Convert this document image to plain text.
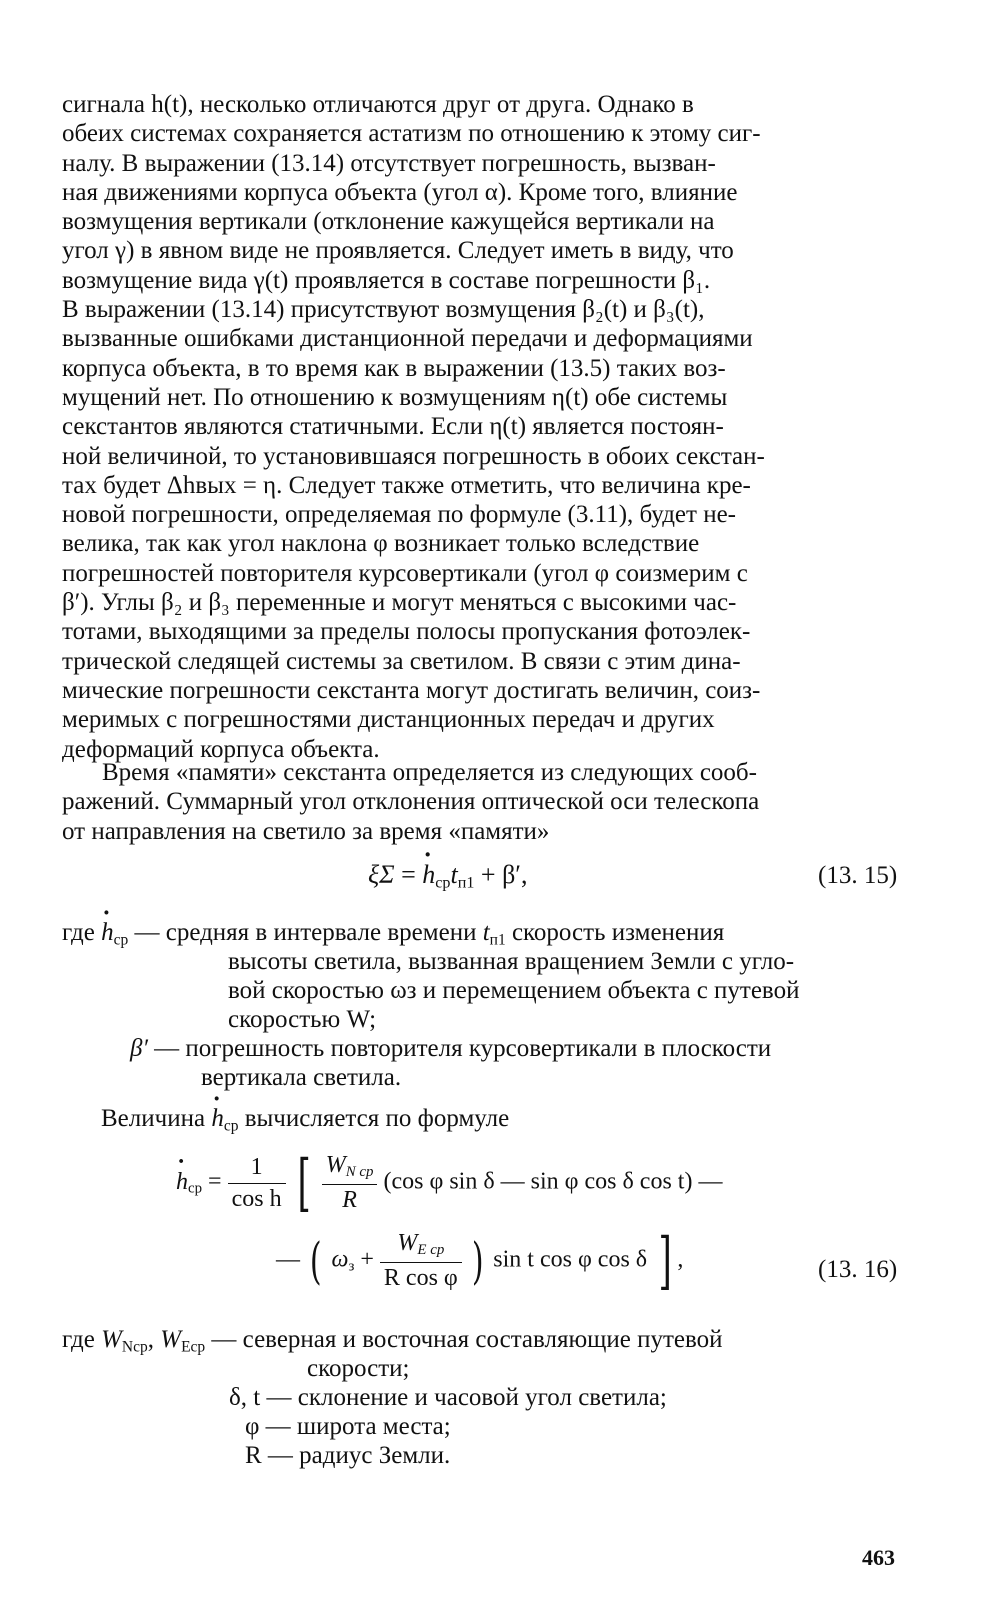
сигнала h(t), несколько отличаются друг от друга. Однако в
обеих системах сохраняется астатизм по отношению к этому сиг-
налу. В выражении (13.14) отсутствует погрешность, вызван-
ная движениями корпуса объекта (угол α). Кроме того, влияние
возмущения вертикали (отклонение кажущейся вертикали на
угол γ) в явном виде не проявляется. Следует иметь в виду, что
возмущение вида γ(t) проявляется в составе погрешности β₁.
В выражении (13.14) присутствуют возмущения β₂(t) и β₃(t),
вызванные ошибками дистанционной передачи и деформациями
корпуса объекта, в то время как в выражении (13.5) таких воз-
мущений нет. По отношению к возмущениям η(t) обе системы
секстантов являются статичными. Если η(t) является постоян-
ной величиной, то установившаяся погрешность в обоих секстан-
тах будет Δhвых = η. Следует также отметить, что величина кре-
новой погрешности, определяемая по формуле (3.11), будет не-
велика, так как угол наклона φ возникает только вследствие
погрешностей повторителя курсовертикали (угол φ соизмерим с
β′). Углы β₂ и β₃ переменные и могут меняться с высокими час-
тотами, выходящими за пределы полосы пропускания фотоэлек-
трической следящей системы за светилом. В связи с этим дина-
мические погрешности секстанта могут достигать величин, соиз-
меримых с погрешностями дистанционных передач и других
деформаций корпуса объекта.

Время «памяти» секстанта определяется из следующих сооб-
ражений. Суммарный угол отклонения оптической оси телескопа
от направления на светило за время «памяти»

ξΣ = · $h_{ср}t_{п1} + \beta'$,	(13. 15)
где · $h_{ср}$ — средняя в интервале времени $t_{п1}$ скорость изменения
высоты светила, вызванная вращением Земли с угло-
вой скоростью ωз и перемещением объекта с путевой
скоростью W;
β′ — погрешность повторителя курсовертикали в плоскости
вертикала светила.
Величина · $h_{ср}$ вычисляется по формуле
· $h_{ср} = \frac{1}{\text{cos h}}$ [ $\frac{W_{N ср}}{R} (\cos$ φ sin δ — sin φ cos δ cos t) —
— ( $\omega_з + \frac{W_{E ср}}{\text{R cos φ}}$ ) sin t cos φ cos δ ] ,	(13. 16)
где $W_{Nср}$, $W_{Eср}$ — северная и восточная составляющие путевой
скорости;
δ, t — склонение и часовой угол светила;
φ — широта места;
R — радиус Земли.
463
